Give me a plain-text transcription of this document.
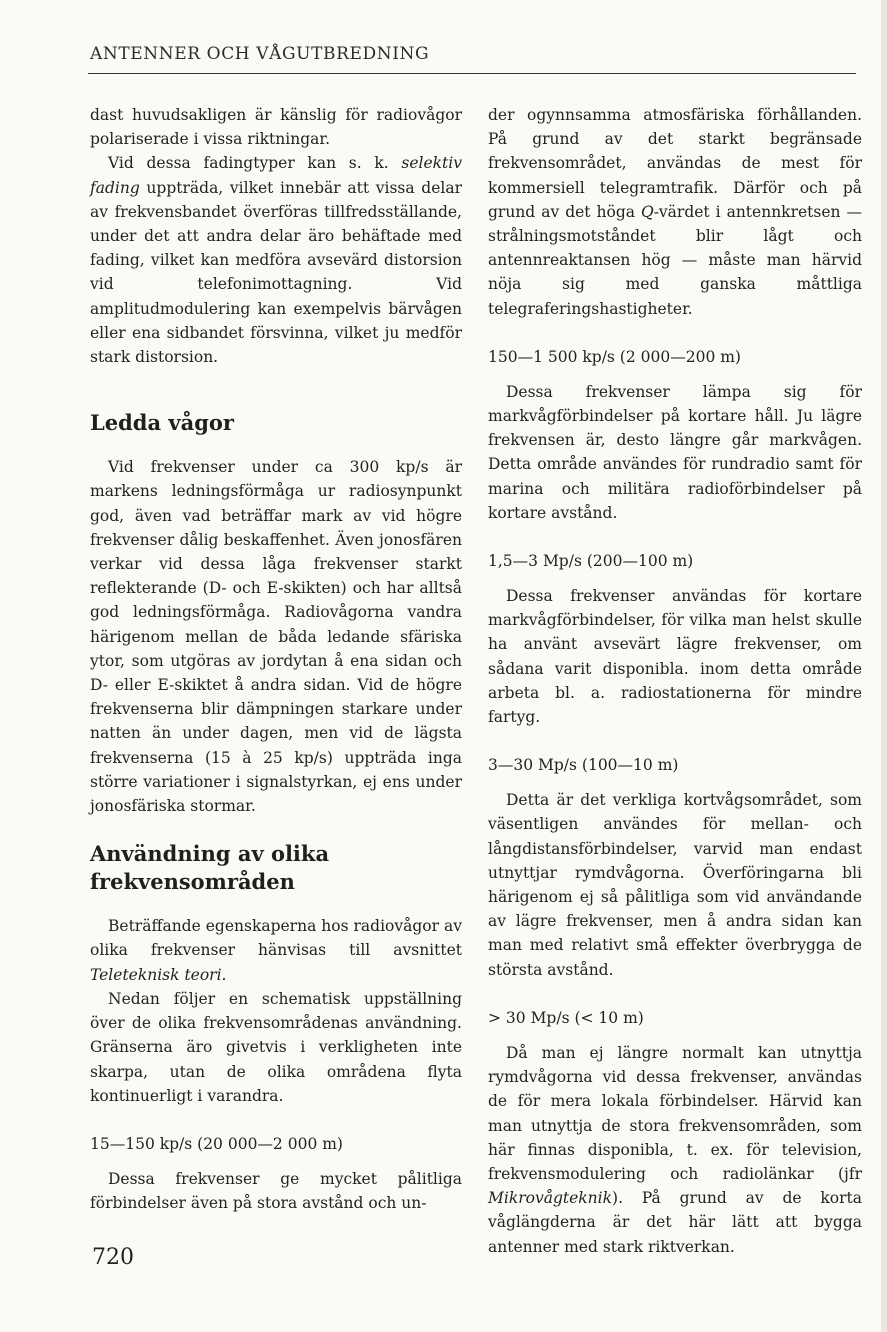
ANTENNER OCH VÅGUTBREDNING

dast huvudsakligen är känslig för radiovågor polariserade i vissa riktningar.

Vid dessa fadingtyper kan s. k. selektiv fading uppträda, vilket innebär att vissa delar av frekvensbandet överföras tillfredsställande, under det att andra delar äro behäftade med fading, vilket kan medföra avsevärd distorsion vid telefonimottagning. Vid amplitudmodulering kan exempelvis bärvågen eller ena sidbandet försvinna, vilket ju medför stark distorsion.

Ledda vågor

Vid frekvenser under ca 300 kp/s är markens ledningsförmåga ur radiosynpunkt god, även vad beträffar mark av vid högre frekvenser dålig beskaffenhet. Även jonosfären verkar vid dessa låga frekvenser starkt reflekterande (D- och E-skikten) och har alltså god ledningsförmåga. Radiovågorna vandra härigenom mellan de båda ledande sfäriska ytor, som utgöras av jordytan å ena sidan och D- eller E-skiktet å andra sidan. Vid de högre frekvenserna blir dämpningen starkare under natten än under dagen, men vid de lägsta frekvenserna (15 à 25 kp/s) uppträda inga större variationer i signalstyrkan, ej ens under jonosfäriska stormar.

Användning av olika
frekvensområden

Beträffande egenskaperna hos radiovågor av olika frekvenser hänvisas till avsnittet Teleteknisk teori.

Nedan följer en schematisk uppställning över de olika frekvensområdenas användning. Gränserna äro givetvis i verkligheten inte skarpa, utan de olika områdena flyta kontinuerligt i varandra.

15—150 kp/s (20 000—2 000 m)

Dessa frekvenser ge mycket pålitliga förbindelser även på stora avstånd och un-

der ogynnsamma atmosfäriska förhållanden. På grund av det starkt begränsade frekvensområdet, användas de mest för kommersiell telegramtrafik. Därför och på grund av det höga Q-värdet i antennkretsen — strålningsmotståndet blir lågt och antennreaktansen hög — måste man härvid nöja sig med ganska måttliga telegraferingshastigheter.

150—1 500 kp/s (2 000—200 m)

Dessa frekvenser lämpa sig för markvågförbindelser på kortare håll. Ju lägre frekvensen är, desto längre går markvågen. Detta område användes för rundradio samt för marina och militära radioförbindelser på kortare avstånd.

1,5—3 Mp/s (200—100 m)

Dessa frekvenser användas för kortare markvågförbindelser, för vilka man helst skulle ha använt avsevärt lägre frekvenser, om sådana varit disponibla. inom detta område arbeta bl. a. radiostationerna för mindre fartyg.

3—30 Mp/s (100—10 m)

Detta är det verkliga kortvågsområdet, som väsentligen användes för mellan- och långdistansförbindelser, varvid man endast utnyttjar rymdvågorna. Överföringarna bli härigenom ej så pålitliga som vid användande av lägre frekvenser, men å andra sidan kan man med relativt små effekter överbrygga de största avstånd.

> 30 Mp/s (< 10 m)

Då man ej längre normalt kan utnyttja rymdvågorna vid dessa frekvenser, användas de för mera lokala förbindelser. Härvid kan man utnyttja de stora frekvensområden, som här finnas disponibla, t. ex. för television, frekvensmodulering och radiolänkar (jfr Mikrovågteknik). På grund av de korta våglängderna är det här lätt att bygga antenner med stark riktverkan.

720
